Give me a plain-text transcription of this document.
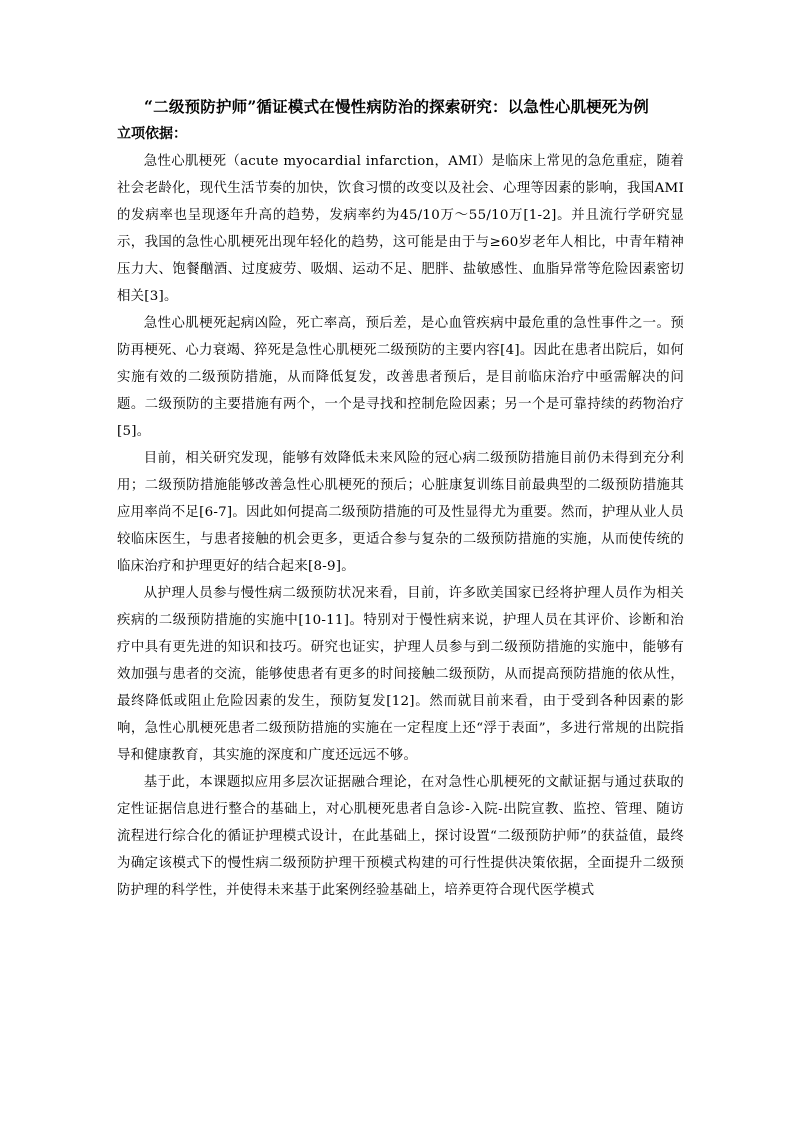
“二级预防护师”循证模式在慢性病防治的探索研究：以急性心肌梗死为例
立项依据：

急性心肌梗死（acute myocardial infarction，AMI）是临床上常见的急危重症，随着社会老龄化，现代生活节奏的加快，饮食习惯的改变以及社会、心理等因素的影响，我国AMI的发病率也呈现逐年升高的趋势，发病率约为45/10万～55/10万[1-2]。并且流行学研究显示，我国的急性心肌梗死出现年轻化的趋势，这可能是由于与≥60岁老年人相比，中青年精神压力大、饱餐酗酒、过度疲劳、吸烟、运动不足、肥胖、盐敏感性、血脂异常等危险因素密切相关[3]。

急性心肌梗死起病凶险，死亡率高，预后差，是心血管疾病中最危重的急性事件之一。预防再梗死、心力衰竭、猝死是急性心肌梗死二级预防的主要内容[4]。因此在患者出院后，如何实施有效的二级预防措施，从而降低复发，改善患者预后，是目前临床治疗中亟需解决的问题。二级预防的主要措施有两个，一个是寻找和控制危险因素；另一个是可靠持续的药物治疗[5]。

目前，相关研究发现，能够有效降低未来风险的冠心病二级预防措施目前仍未得到充分利用；二级预防措施能够改善急性心肌梗死的预后；心脏康复训练目前最典型的二级预防措施其应用率尚不足[6-7]。因此如何提高二级预防措施的可及性显得尤为重要。然而，护理从业人员较临床医生，与患者接触的机会更多，更适合参与复杂的二级预防措施的实施，从而使传统的临床治疗和护理更好的结合起来[8-9]。

从护理人员参与慢性病二级预防状况来看，目前，许多欧美国家已经将护理人员作为相关疾病的二级预防措施的实施中[10-11]。特别对于慢性病来说，护理人员在其评价、诊断和治疗中具有更先进的知识和技巧。研究也证实，护理人员参与到二级预防措施的实施中，能够有效加强与患者的交流，能够使患者有更多的时间接触二级预防，从而提高预防措施的依从性，最终降低或阻止危险因素的发生，预防复发[12]。然而就目前来看，由于受到各种因素的影响，急性心肌梗死患者二级预防措施的实施在一定程度上还“浮于表面”，多进行常规的出院指导和健康教育，其实施的深度和广度还远远不够。

基于此，本课题拟应用多层次证据融合理论，在对急性心肌梗死的文献证据与通过获取的定性证据信息进行整合的基础上，对心肌梗死患者自急诊-入院-出院宣教、监控、管理、随访流程进行综合化的循证护理模式设计，在此基础上，探讨设置“二级预防护师”的获益值，最终为确定该模式下的慢性病二级预防护理干预模式构建的可行性提供决策依据，全面提升二级预防护理的科学性，并使得未来基于此案例经验基础上，培养更符合现代医学模式
